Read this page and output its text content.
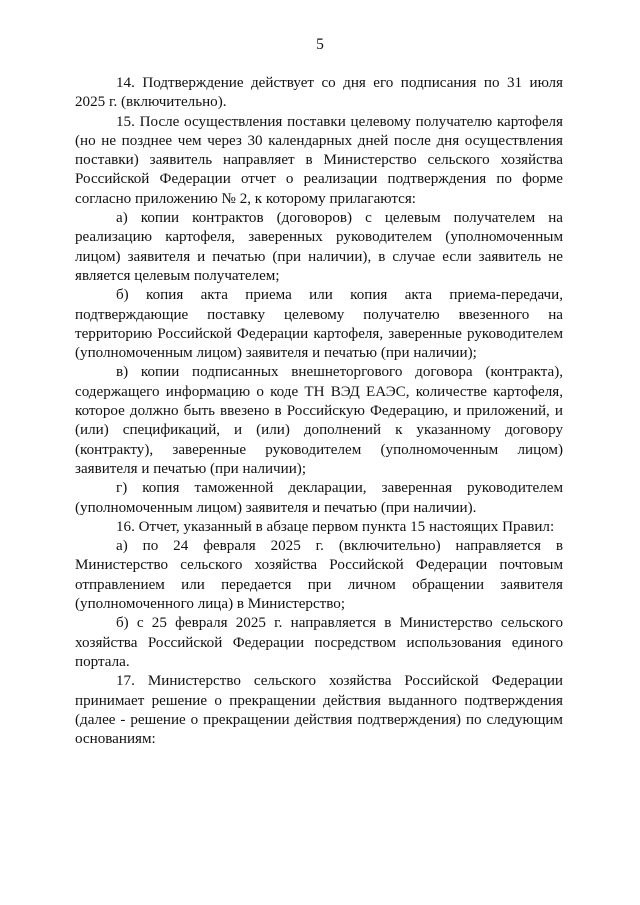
5

14. Подтверждение действует со дня его подписания по 31 июля 2025 г. (включительно).

15. После осуществления поставки целевому получателю картофеля (но не позднее чем через 30 календарных дней после дня осуществления поставки) заявитель направляет в Министерство сельского хозяйства Российской Федерации отчет о реализации подтверждения по форме согласно приложению № 2, к которому прилагаются:

а) копии контрактов (договоров) с целевым получателем на реализацию картофеля, заверенных руководителем (уполномоченным лицом) заявителя и печатью (при наличии), в случае если заявитель не является целевым получателем;

б) копия акта приема или копия акта приема-передачи, подтверждающие поставку целевому получателю ввезенного на территорию Российской Федерации картофеля, заверенные руководителем (уполномоченным лицом) заявителя и печатью (при наличии);

в) копии подписанных внешнеторгового договора (контракта), содержащего информацию о коде ТН ВЭД ЕАЭС, количестве картофеля, которое должно быть ввезено в Российскую Федерацию, и приложений, и (или) спецификаций, и (или) дополнений к указанному договору (контракту), заверенные руководителем (уполномоченным лицом) заявителя и печатью (при наличии);

г) копия таможенной декларации, заверенная руководителем (уполномоченным лицом) заявителя и печатью (при наличии).

16. Отчет, указанный в абзаце первом пункта 15 настоящих Правил:

а) по 24 февраля 2025 г. (включительно) направляется в Министерство сельского хозяйства Российской Федерации почтовым отправлением или передается при личном обращении заявителя (уполномоченного лица) в Министерство;

б) с 25 февраля 2025 г. направляется в Министерство сельского хозяйства Российской Федерации посредством использования единого портала.

17. Министерство сельского хозяйства Российской Федерации принимает решение о прекращении действия выданного подтверждения (далее - решение о прекращении действия подтверждения) по следующим основаниям:
